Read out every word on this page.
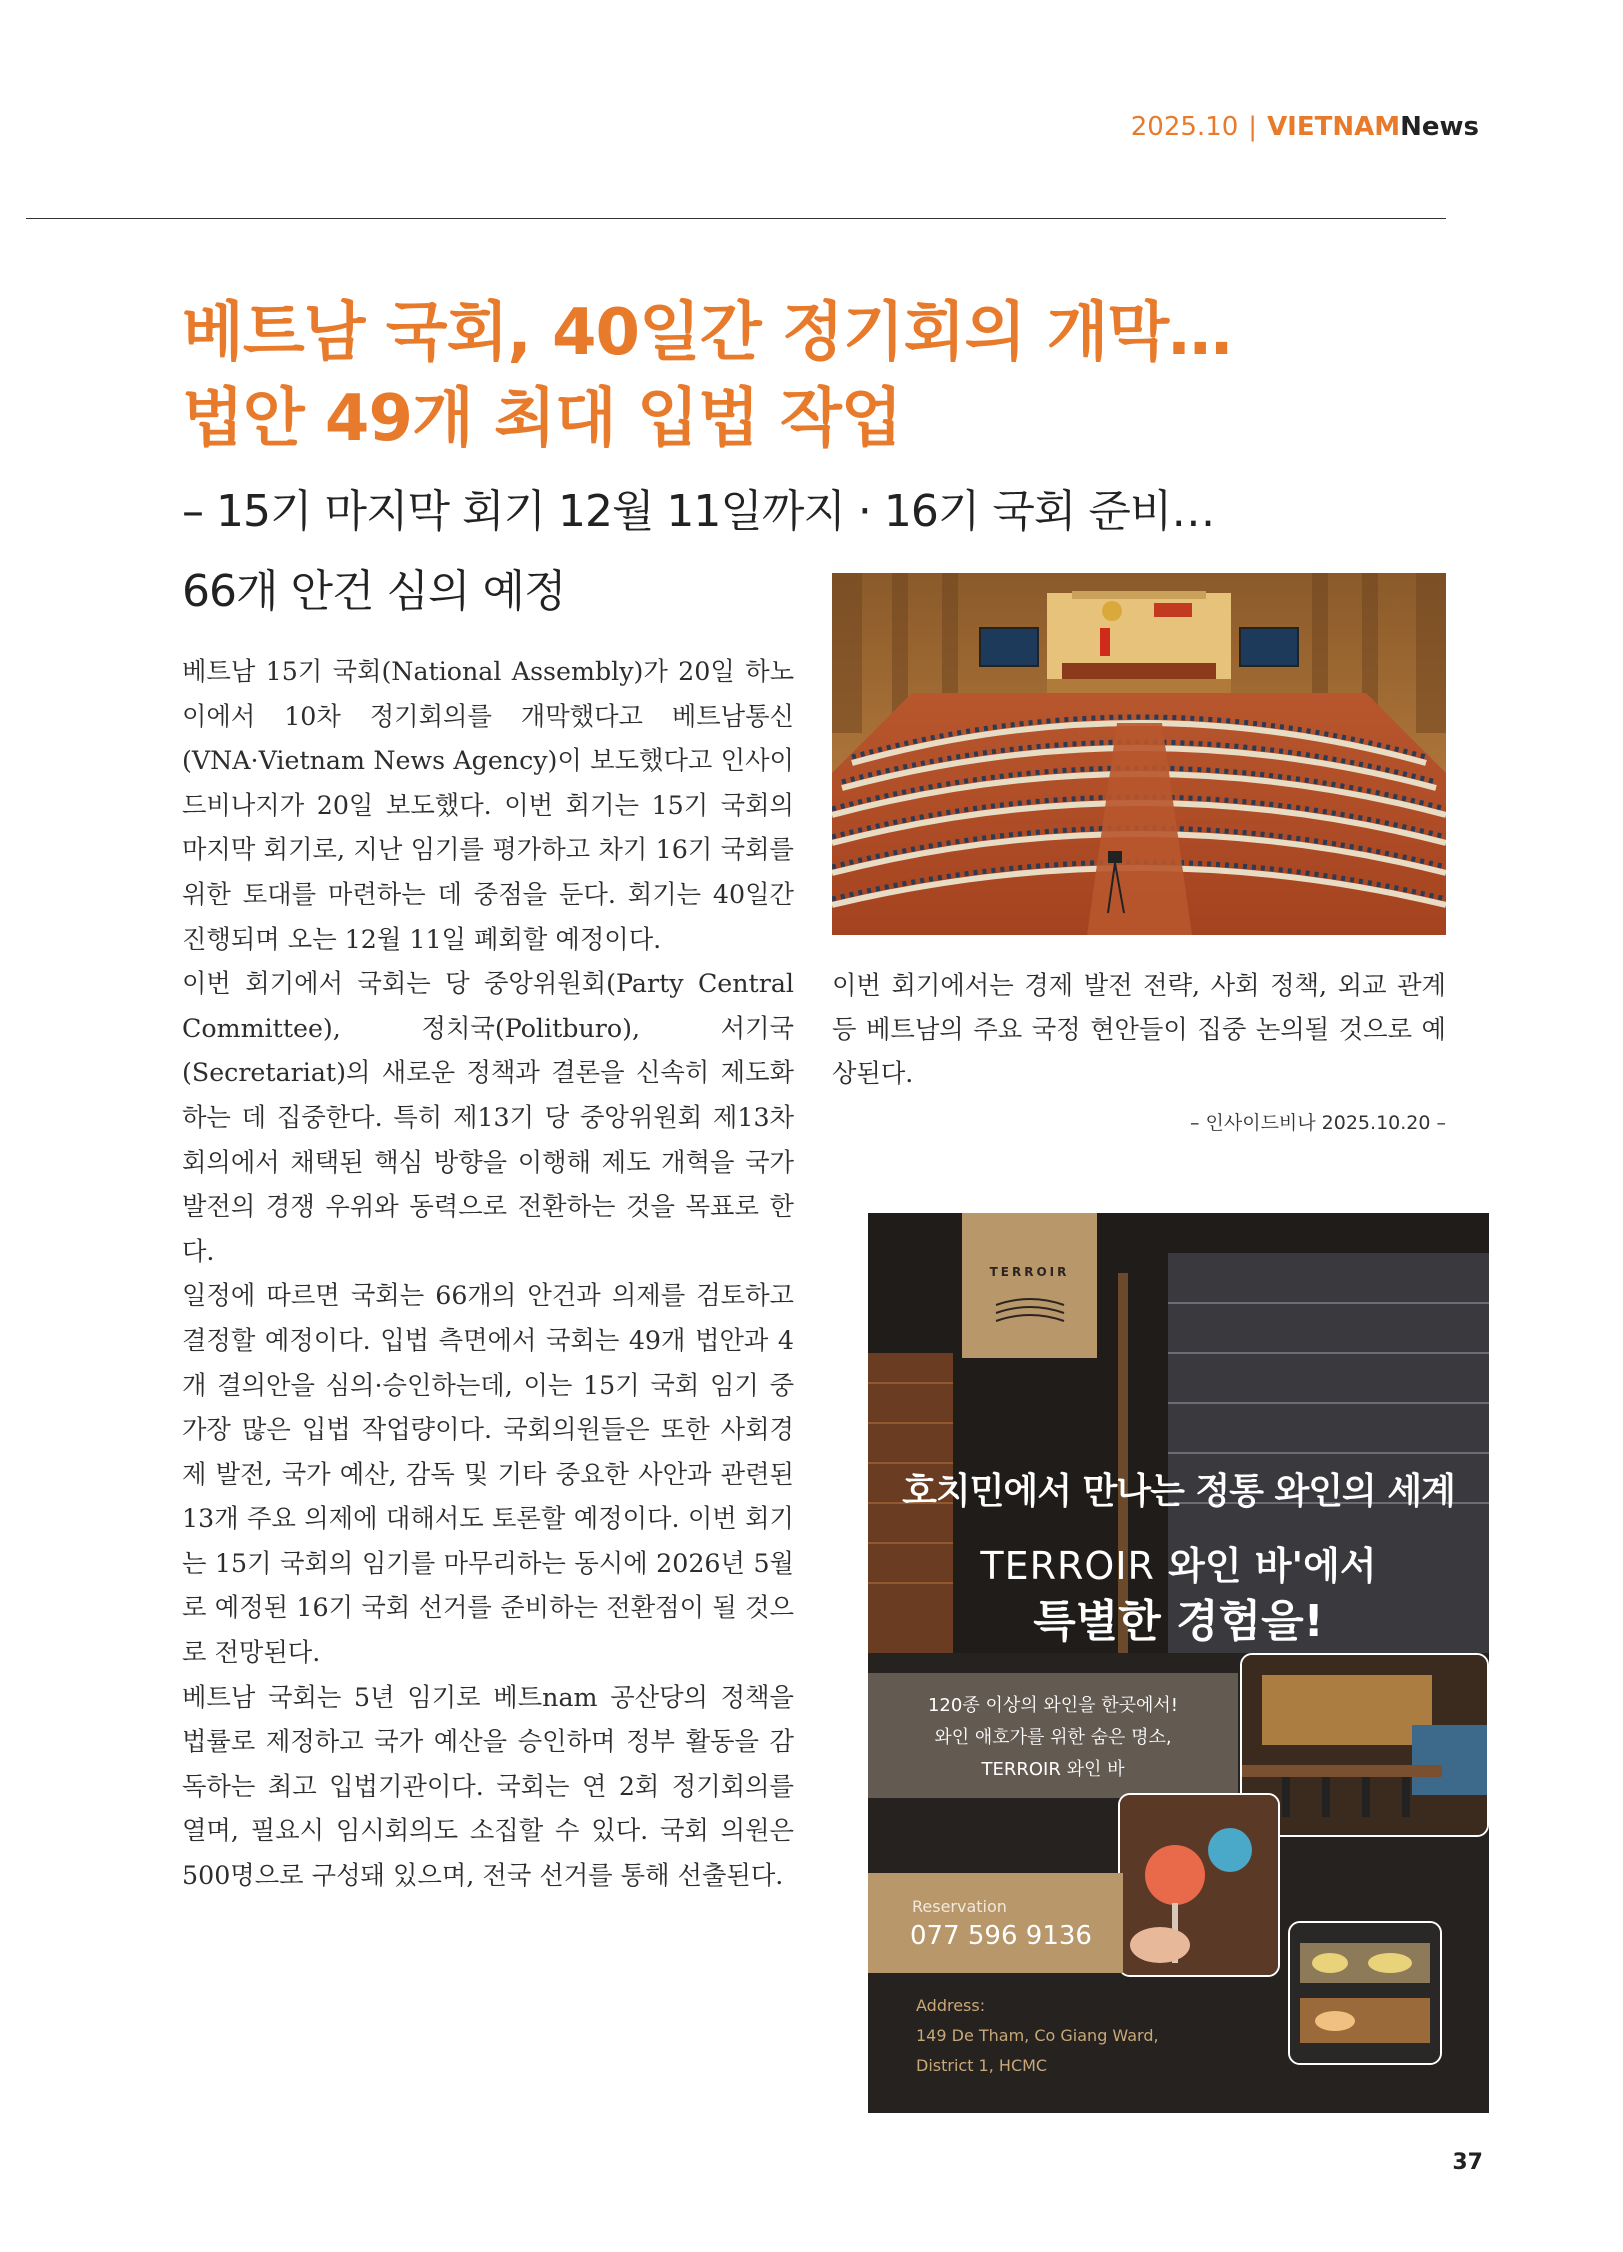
2025.10 | VIETNAMNews
베트남 국회, 40일간 정기회의 개막…
법안 49개 최대 입법 작업
– 15기 마지막 회기 12월 11일까지 · 16기 국회 준비…
66개 안건 심의 예정

베트남 15기 국회(National Assembly)가 20일 하노이에서 10차 정기회의를 개막했다고 베트남통신(VNA·Vietnam News Agency)이 보도했다고 인사이드비나지가 20일 보도했다. 이번 회기는 15기 국회의 마지막 회기로, 지난 임기를 평가하고 차기 16기 국회를 위한 토대를 마련하는 데 중점을 둔다. 회기는 40일간 진행되며 오는 12월 11일 폐회할 예정이다.

이번 회기에서 국회는 당 중앙위원회(Party Central Committee), 정치국(Politburo), 서기국(Secretariat)의 새로운 정책과 결론을 신속히 제도화하는 데 집중한다. 특히 제13기 당 중앙위원회 제13차 회의에서 채택된 핵심 방향을 이행해 제도 개혁을 국가 발전의 경쟁 우위와 동력으로 전환하는 것을 목표로 한다.

일정에 따르면 국회는 66개의 안건과 의제를 검토하고 결정할 예정이다. 입법 측면에서 국회는 49개 법안과 4개 결의안을 심의·승인하는데, 이는 15기 국회 임기 중 가장 많은 입법 작업량이다. 국회의원들은 또한 사회경제 발전, 국가 예산, 감독 및 기타 중요한 사안과 관련된 13개 주요 의제에 대해서도 토론할 예정이다. 이번 회기는 15기 국회의 임기를 마무리하는 동시에 2026년 5월로 예정된 16기 국회 선거를 준비하는 전환점이 될 것으로 전망된다.

베트남 국회는 5년 임기로 베트nam 공산당의 정책을 법률로 제정하고 국가 예산을 승인하며 정부 활동을 감독하는 최고 입법기관이다. 국회는 연 2회 정기회의를 열며, 필요시 임시회의도 소집할 수 있다. 국회 의원은 500명으로 구성돼 있으며, 전국 선거를 통해 선출된다.

이번 회기에서는 경제 발전 전략, 사회 정책, 외교 관계 등 베트남의 주요 국정 현안들이 집중 논의될 것으로 예상된다.
– 인사이드비나 2025.10.20 –
TERROIR
호치민에서 만나는 정통 와인의 세계
TERROIR 와인 바'에서
특별한 경험을!
120종 이상의 와인을 한곳에서!
와인 애호가를 위한 숨은 명소,
TERROIR 와인 바
Reservation
077 596 9136
Address:
149 De Tham, Co Giang Ward,
District 1, HCMC
37
